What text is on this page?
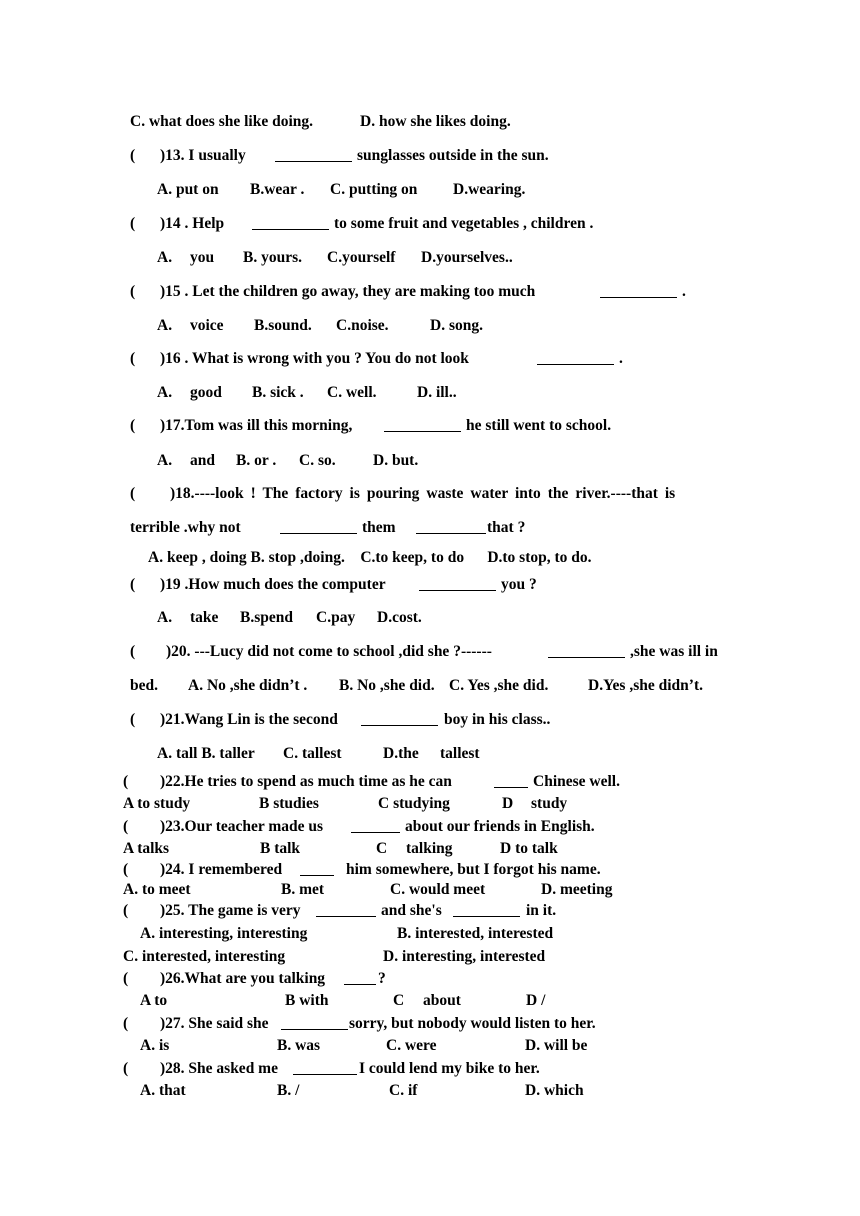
C. what does she like doing.	D. how she likes doing.
( )13. I usually	sunglasses outside in the sun.
A. put on B.wear . C. putting on D.wearing.
( )14 . Help	to some fruit and vegetables , children .
A. you B. yours. C.yourself D.yourselves..
( )15 . Let the children go away, they are making too much	.
A. voice B.sound. C.noise.	D. song.
( )16 . What is wrong with you ? You do not look	.
A. good B. sick . C. well.	D. ill..
( )17.Tom was ill this morning,	he still went to school.
A. and B. or . C. so. D. but.
( )18.----look ! The factory is pouring waste water into the river.----that is
terrible .why not	them	that ?
A. keep , doing B. stop ,doing.    C.to keep, to do      D.to stop, to do.
( )19 .How much does the computer	you ?
A. take B.spend C.pay D.cost.
( )20. ---Lucy did not come to school ,did she ?------	,she was ill in
bed. A. No ,she didn’t . B. No ,she did. C. Yes ,she did.	D.Yes ,she didn’t.
( )21.Wang Lin is the second	boy in his class..
A. tall B. taller C. tallest	D.the tallest
( )22.He tries to spend as much time as he can	Chinese well.
A to study	B studies	C studying	D study
( )23.Our teacher made us	about our friends in English.
A talks	B talk	C talking	D to talk
( )24. I remembered	him somewhere, but I forgot his name.
A. to meet	B. met	C. would meet	D. meeting
( )25. The game is very	and she's	in it.
A. interesting, interesting	B. interested, interested
C. interested, interesting	D. interesting, interested
( )26.What are you talking	?
A to	B with	C about	D /
( )27. She said she	sorry, but nobody would listen to her.
A. is	B. was	C. were	D. will be
( )28. She asked me	I could lend my bike to her.
A. that	B. /	C. if	D. which
